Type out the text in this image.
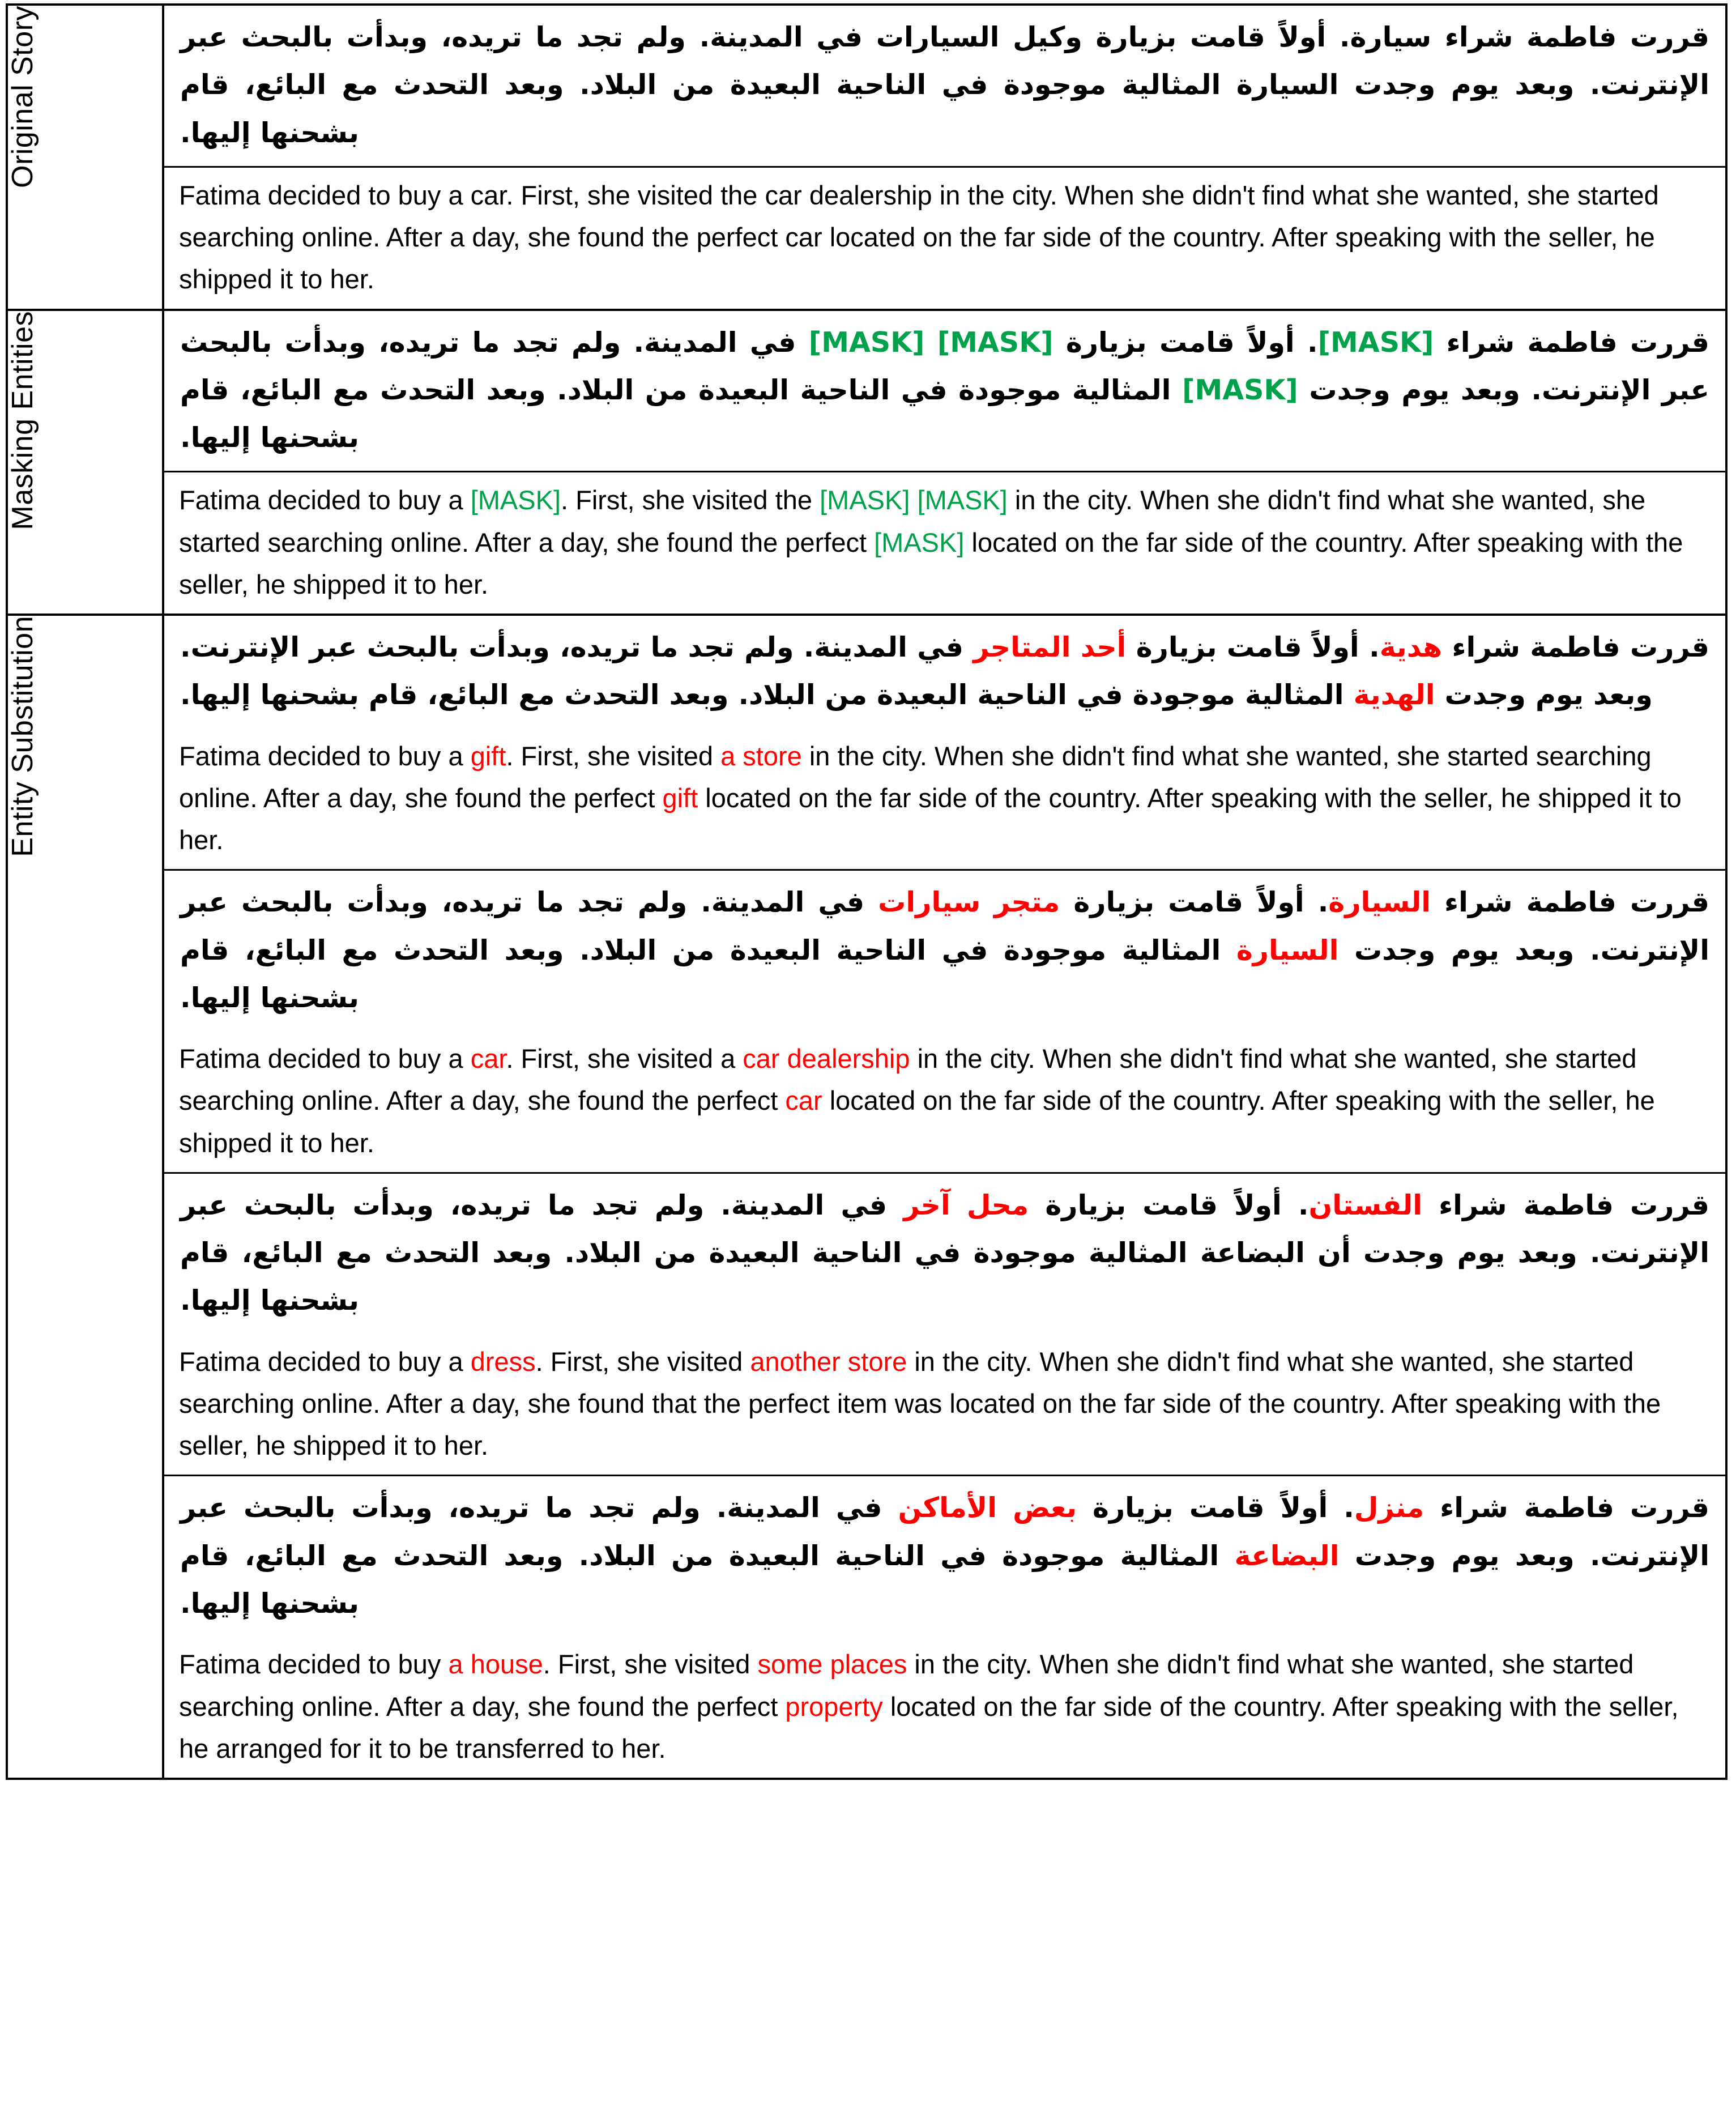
Original Story	قررت فاطمة شراء سيارة. أولاً قامت بزيارة وكيل السيارات في المدينة. ولم تجد ما تريده، وبدأت بالبحث عبر الإنترنت. وبعد يوم وجدت السيارة المثالية موجودة في الناحية البعيدة من البلاد. وبعد التحدث مع البائع، قام بشحنها إليها.
Fatima decided to buy a car. First, she visited the car dealership in the city. When she didn't find what she wanted, she started searching online. After a day, she found the perfect car located on the far side of the country. After speaking with the seller, he shipped it to her.

Masking Entities	قررت فاطمة شراء [MASK]. أولاً قامت بزيارة [MASK] [MASK] في المدينة. ولم تجد ما تريده، وبدأت بالبحث عبر الإنترنت. وبعد يوم وجدت [MASK] المثالية موجودة في الناحية البعيدة من البلاد. وبعد التحدث مع البائع، قام بشحنها إليها.
Fatima decided to buy a [MASK]. First, she visited the [MASK] [MASK] in the city. When she didn't find what she wanted, she started searching online. After a day, she found the perfect [MASK] located on the far side of the country. After speaking with the seller, he shipped it to her.

Entity Substitution	قررت فاطمة شراء هدية. أولاً قامت بزيارة أحد المتاجر في المدينة. ولم تجد ما تريده، وبدأت بالبحث عبر الإنترنت. وبعد يوم وجدت الهدية المثالية موجودة في الناحية البعيدة من البلاد. وبعد التحدث مع البائع، قام بشحنها إليها.
Fatima decided to buy a gift. First, she visited a store in the city. When she didn't find what she wanted, she started searching online. After a day, she found the perfect gift located on the far side of the country. After speaking with the seller, he shipped it to her.
قررت فاطمة شراء السيارة. أولاً قامت بزيارة متجر سيارات في المدينة. ولم تجد ما تريده، وبدأت بالبحث عبر الإنترنت. وبعد يوم وجدت السيارة المثالية موجودة في الناحية البعيدة من البلاد. وبعد التحدث مع البائع، قام بشحنها إليها.
Fatima decided to buy a car. First, she visited a car dealership in the city. When she didn't find what she wanted, she started searching online. After a day, she found the perfect car located on the far side of the country. After speaking with the seller, he shipped it to her.
قررت فاطمة شراء الفستان. أولاً قامت بزيارة محل آخر في المدينة. ولم تجد ما تريده، وبدأت بالبحث عبر الإنترنت. وبعد يوم وجدت أن البضاعة المثالية موجودة في الناحية البعيدة من البلاد. وبعد التحدث مع البائع، قام بشحنها إليها.
Fatima decided to buy a dress. First, she visited another store in the city. When she didn't find what she wanted, she started searching online. After a day, she found that the perfect item was located on the far side of the country. After speaking with the seller, he shipped it to her.
قررت فاطمة شراء منزل. أولاً قامت بزيارة بعض الأماكن في المدينة. ولم تجد ما تريده، وبدأت بالبحث عبر الإنترنت. وبعد يوم وجدت البضاعة المثالية موجودة في الناحية البعيدة من البلاد. وبعد التحدث مع البائع، قام بشحنها إليها.
Fatima decided to buy a house. First, she visited some places in the city. When she didn't find what she wanted, she started searching online. After a day, she found the perfect property located on the far side of the country. After speaking with the seller, he arranged for it to be transferred to her.
